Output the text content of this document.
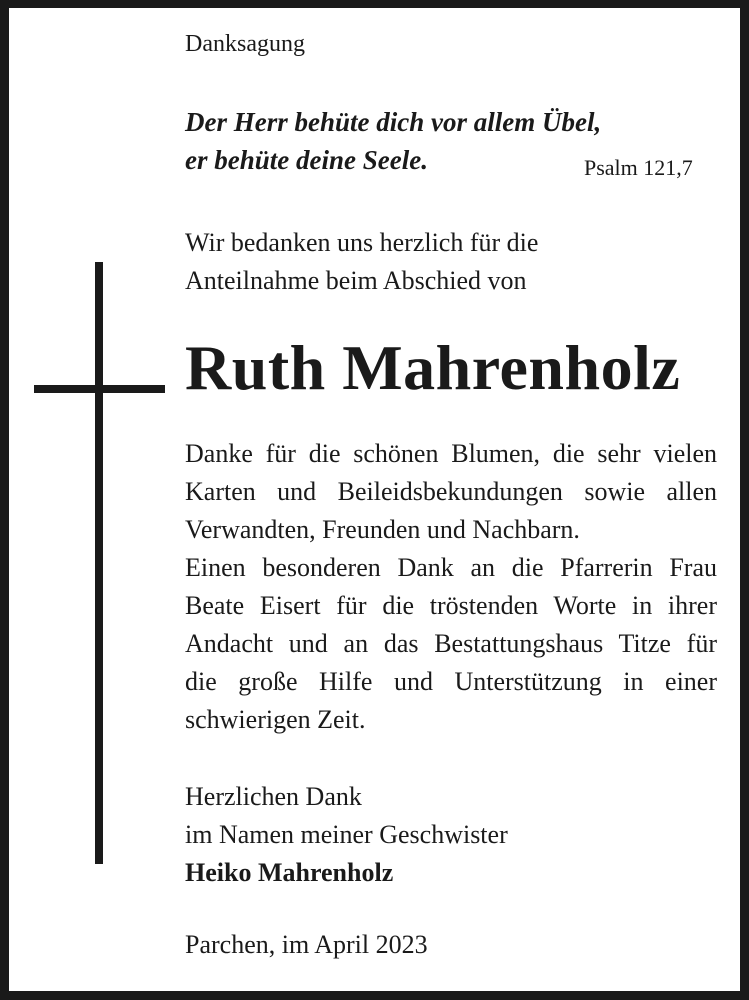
Danksagung
Der Herr behüte dich vor allem Übel,
er behüte deine Seele.	Psalm 121,7
Wir bedanken uns herzlich für die
Anteilnahme beim Abschied von
Ruth Mahrenholz

Danke für die schönen Blumen, die sehr vielen

Karten und Beileidsbekundungen sowie allen

Verwandten, Freunden und Nachbarn.

Einen besonderen Dank an die Pfarrerin Frau

Beate Eisert für die tröstenden Worte in ihrer

Andacht und an das Bestattungshaus Titze für

die große Hilfe und Unterstützung in einer

schwierigen Zeit.

Herzlichen Dank
im Namen meiner Geschwister
Heiko Mahrenholz
Parchen, im April 2023
